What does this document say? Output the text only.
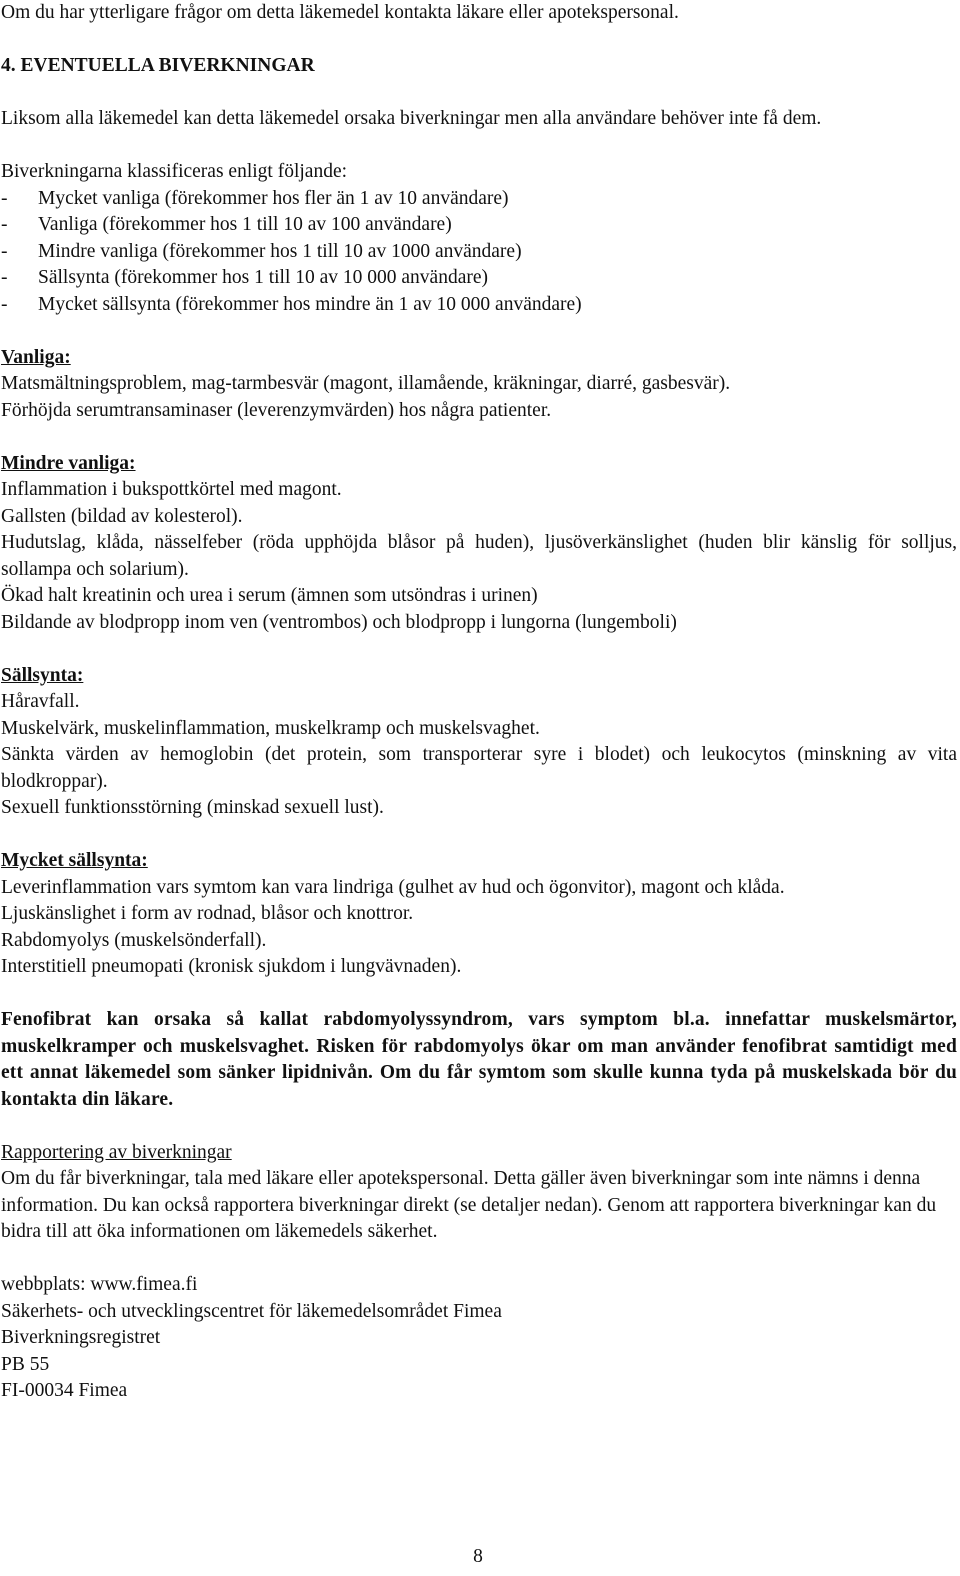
Om du har ytterligare frågor om detta läkemedel kontakta läkare eller apotekspersonal.

4. EVENTUELLA BIVERKNINGAR

Liksom alla läkemedel kan detta läkemedel orsaka biverkningar men alla användare behöver inte få dem.

Biverkningarna klassificeras enligt följande:

-	Mycket vanliga (förekommer hos fler än 1 av 10 användare)
-	Vanliga (förekommer hos 1 till 10 av 100 användare)
-	Mindre vanliga (förekommer hos 1 till 10 av 1000 användare)
-	Sällsynta (förekommer hos 1 till 10 av 10 000 användare)
-	Mycket sällsynta (förekommer hos mindre än 1 av 10 000 användare)

Vanliga:

Matsmältningsproblem, mag-tarmbesvär (magont, illamående, kräkningar, diarré, gasbesvär).

Förhöjda serumtransaminaser (leverenzymvärden) hos några patienter.

Mindre vanliga:

Inflammation i bukspottkörtel med magont.

Gallsten (bildad av kolesterol).

Hudutslag, klåda, nässelfeber (röda upphöjda blåsor på huden), ljusöverkänslighet (huden blir känslig för solljus, sollampa och solarium).

Ökad halt kreatinin och urea i serum (ämnen som utsöndras i urinen)

Bildande av blodpropp inom ven (ventrombos) och blodpropp i lungorna (lungemboli)

Sällsynta:

Håravfall.

Muskelvärk, muskelinflammation, muskelkramp och muskelsvaghet.

Sänkta värden av hemoglobin (det protein, som transporterar syre i blodet) och leukocytos (minskning av vita blodkroppar).

Sexuell funktionsstörning (minskad sexuell lust).

Mycket sällsynta:

Leverinflammation vars symtom kan vara lindriga (gulhet av hud och ögonvitor), magont och klåda.

Ljuskänslighet i form av rodnad, blåsor och knottror.

Rabdomyolys (muskelsönderfall).

Interstitiell pneumopati (kronisk sjukdom i lungvävnaden).

Fenofibrat kan orsaka så kallat rabdomyolyssyndrom, vars symptom bl.a. innefattar muskelsmärtor, muskelkramper och muskelsvaghet. Risken för rabdomyolys ökar om man använder fenofibrat samtidigt med ett annat läkemedel som sänker lipidnivån. Om du får symtom som skulle kunna tyda på muskelskada bör du kontakta din läkare.

Rapportering av biverkningar

Om du får biverkningar, tala med läkare eller apotekspersonal. Detta gäller även biverkningar som inte nämns i denna information. Du kan också rapportera biverkningar direkt (se detaljer nedan). Genom att rapportera biverkningar kan du bidra till att öka informationen om läkemedels säkerhet.

webbplats: www.fimea.fi

Säkerhets- och utvecklingscentret för läkemedelsområdet Fimea

Biverkningsregistret

PB 55

FI-00034 Fimea

8
